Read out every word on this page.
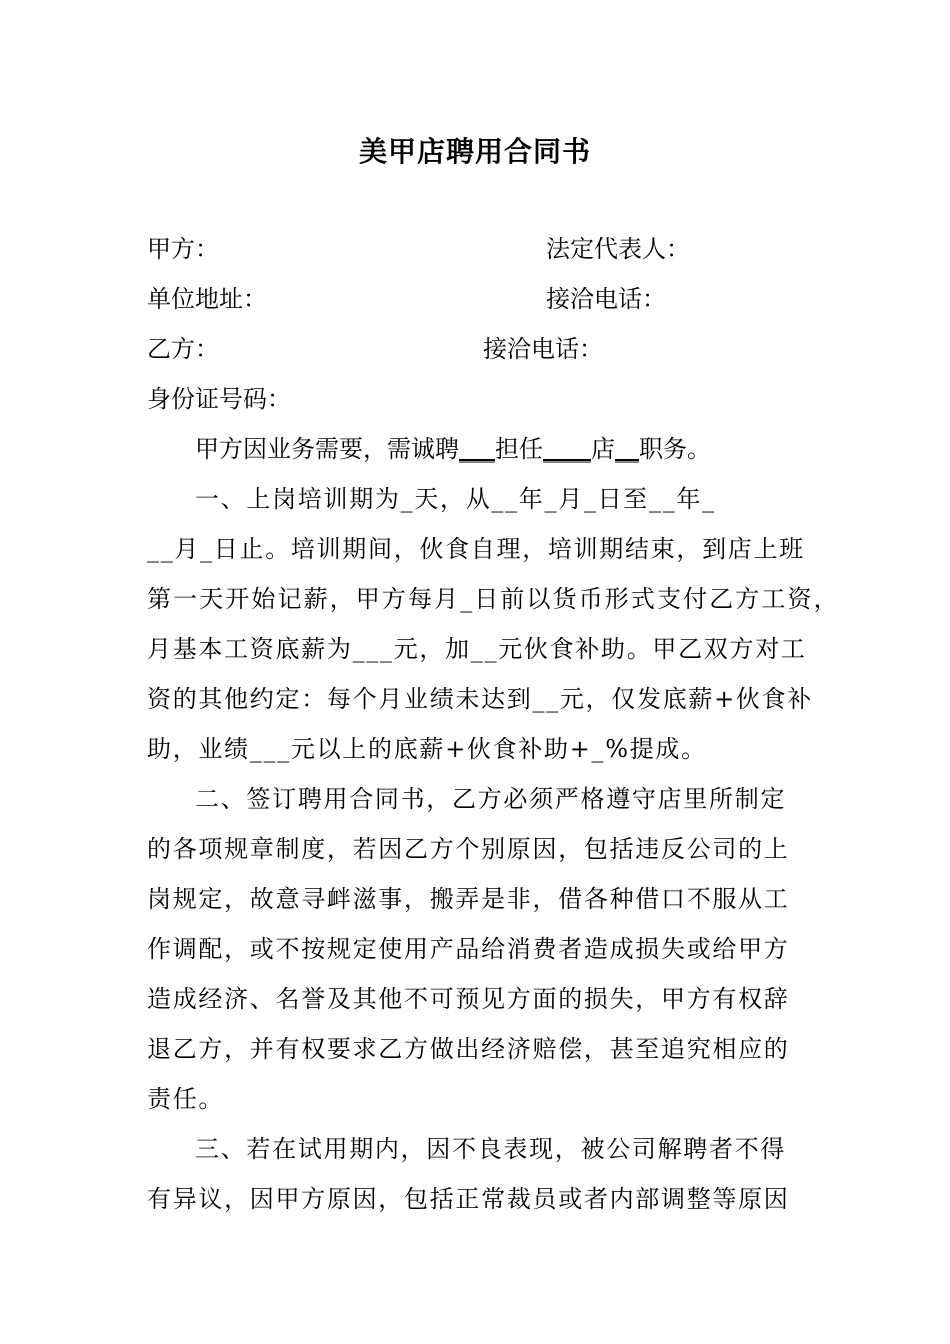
美甲店聘用合同书
甲方：	法定代表人：
单位地址：	接洽电话：
乙方：	接洽电话：
身份证号码：
甲方因业务需要，需诚聘___担任____店__职务。
一、上岗培训期为_天，从__年_月_日至__年_
__月_日止。培训期间，伙食自理，培训期结束，到店上班
第一天开始记薪，甲方每月_日前以货币形式支付乙方工资，
月基本工资底薪为___元，加__元伙食补助。甲乙双方对工
资的其他约定：每个月业绩未达到__元，仅发底薪+伙食补
助，业绩___元以上的底薪+伙食补助+_%提成。
二、签订聘用合同书，乙方必须严格遵守店里所制定
的各项规章制度，若因乙方个别原因，包括违反公司的上
岗规定，故意寻衅滋事，搬弄是非，借各种借口不服从工
作调配，或不按规定使用产品给消费者造成损失或给甲方
造成经济、名誉及其他不可预见方面的损失，甲方有权辞
退乙方，并有权要求乙方做出经济赔偿，甚至追究相应的
责任。
三、若在试用期内，因不良表现，被公司解聘者不得
有异议，因甲方原因，包括正常裁员或者内部调整等原因
